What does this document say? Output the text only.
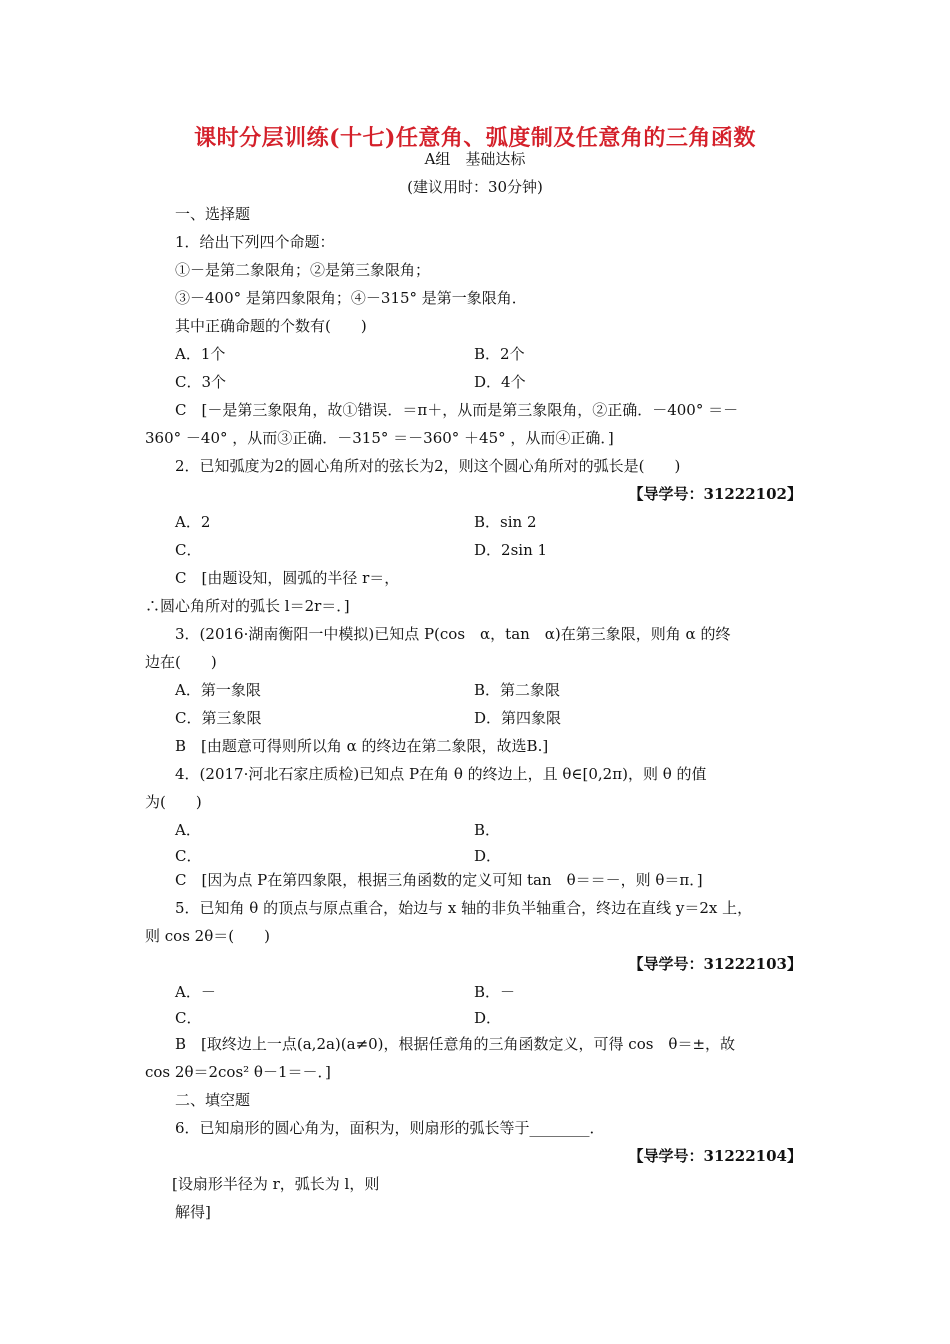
课时分层训练(十七)任意角、弧度制及任意角的三角函数
A组　基础达标
(建议用时：30分钟)
一、选择题
1．给出下列四个命题：
①－是第二象限角；②是第三象限角；
③－400° 是第四象限角；④－315° 是第一象限角．
其中正确命题的个数有(　　)
A．1个	B．2个
C．3个	D．4个
C　[－是第三象限角，故①错误．＝π＋，从而是第三象限角，②正确．－400° ＝－
360° －40° ，从而③正确．－315° ＝－360° ＋45° ，从而④正确．]
2．已知弧度为2的圆心角所对的弦长为2，则这个圆心角所对的弧长是(　　)
【导学号：31222102】
A．2	B．sin 2
C．	D．2sin 1
C　[由题设知，圆弧的半径 r＝，
∴圆心角所对的弧长 l＝2r＝．]
3．(2016·湖南衡阳一中模拟)已知点 P(cos　α，tan　α)在第三象限，则角 α 的终
边在(　　)
A．第一象限	B．第二象限
C．第三象限	D．第四象限
B　[由题意可得则所以角 α 的终边在第二象限，故选B.]
4．(2017·河北石家庄质检)已知点 P在角 θ 的终边上，且 θ∈[0,2π)，则 θ 的值
为(　　)
A．	B．
C．	D．
C　[因为点 P在第四象限，根据三角函数的定义可知 tan　θ＝＝－，则 θ＝π．]
5．已知角 θ 的顶点与原点重合，始边与 x 轴的非负半轴重合，终边在直线 y＝2x 上，
则 cos 2θ＝(　　)
【导学号：31222103】
A．－	B．－
C．	D．
B　[取终边上一点(a,2a)(a≠0)，根据任意角的三角函数定义，可得 cos　θ＝±，故
cos 2θ＝2cos² θ－1＝－．]
二、填空题
6．已知扇形的圆心角为，面积为，则扇形的弧长等于________．
【导学号：31222104】
[设扇形半径为 r，弧长为 l，则
解得]
